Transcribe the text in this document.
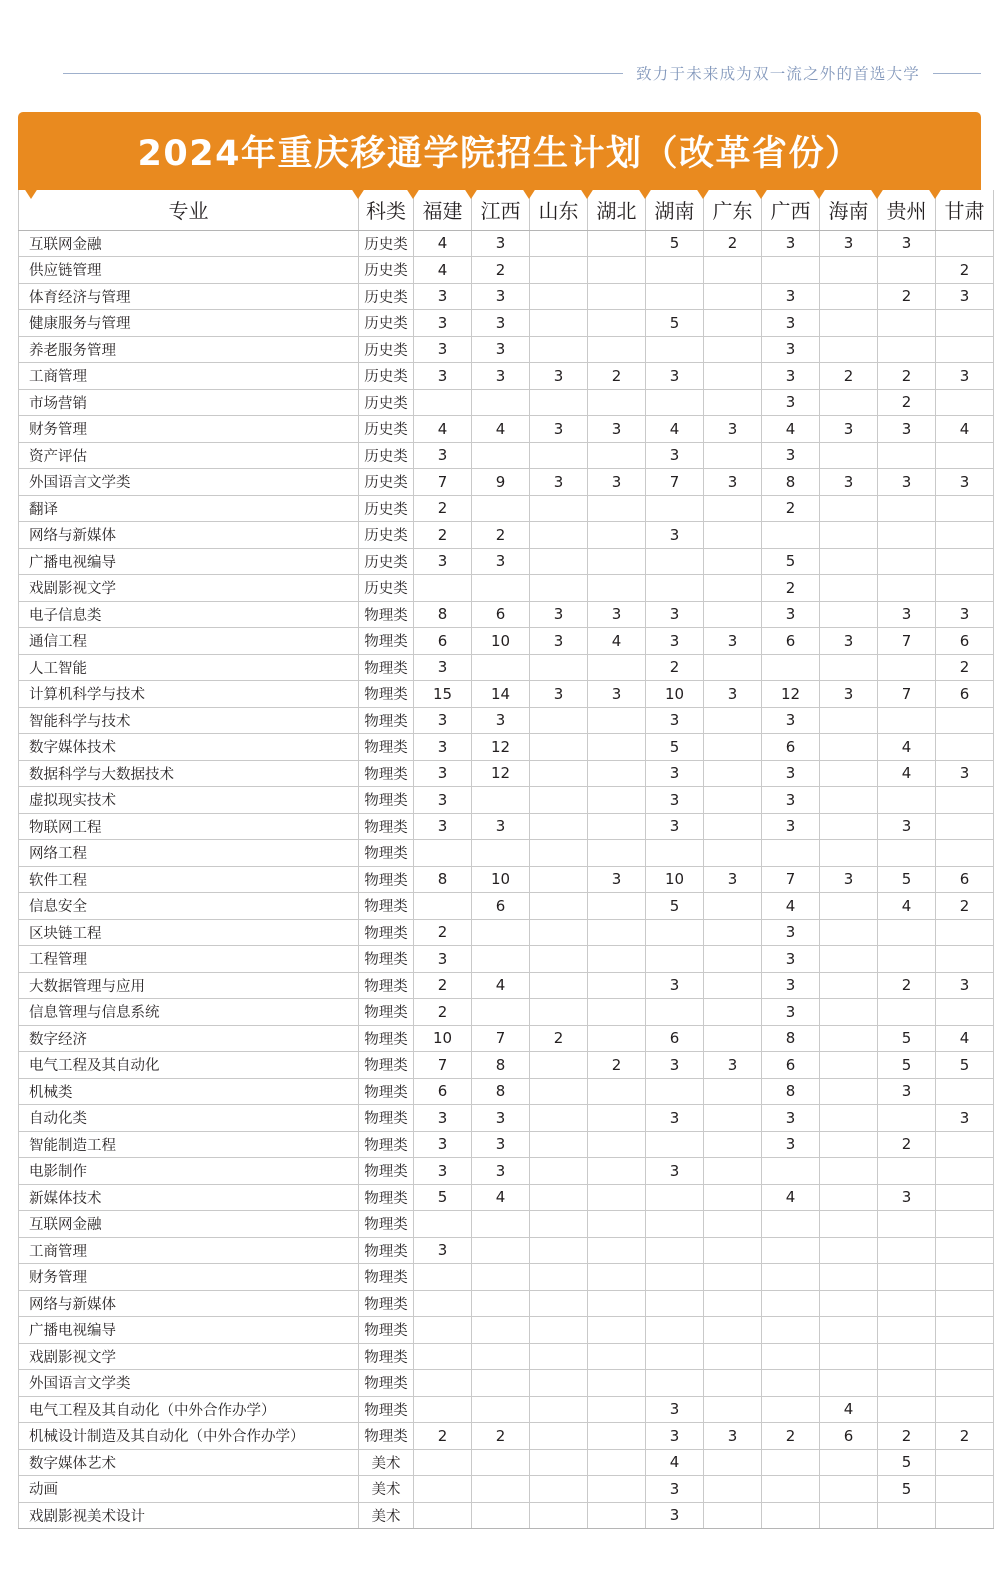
致力于未来成为双一流之外的首选大学
2024年重庆移通学院招生计划（改革省份）
专业	科类	福建	江西	山东	湖北	湖南	广东	广西	海南	贵州	甘肃
互联网金融	历史类	4	3			5	2	3	3	3	
供应链管理	历史类	4	2								2
体育经济与管理	历史类	3	3					3		2	3
健康服务与管理	历史类	3	3			5		3			
养老服务管理	历史类	3	3					3			
工商管理	历史类	3	3	3	2	3		3	2	2	3
市场营销	历史类							3		2	
财务管理	历史类	4	4	3	3	4	3	4	3	3	4
资产评估	历史类	3				3		3			
外国语言文学类	历史类	7	9	3	3	7	3	8	3	3	3
翻译	历史类	2						2			
网络与新媒体	历史类	2	2			3					
广播电视编导	历史类	3	3					5			
戏剧影视文学	历史类							2			
电子信息类	物理类	8	6	3	3	3		3		3	3
通信工程	物理类	6	10	3	4	3	3	6	3	7	6
人工智能	物理类	3				2					2
计算机科学与技术	物理类	15	14	3	3	10	3	12	3	7	6
智能科学与技术	物理类	3	3			3		3			
数字媒体技术	物理类	3	12			5		6		4	
数据科学与大数据技术	物理类	3	12			3		3		4	3
虚拟现实技术	物理类	3				3		3			
物联网工程	物理类	3	3			3		3		3	
网络工程	物理类										
软件工程	物理类	8	10		3	10	3	7	3	5	6
信息安全	物理类		6			5		4		4	2
区块链工程	物理类	2						3			
工程管理	物理类	3						3			
大数据管理与应用	物理类	2	4			3		3		2	3
信息管理与信息系统	物理类	2						3			
数字经济	物理类	10	7	2		6		8		5	4
电气工程及其自动化	物理类	7	8		2	3	3	6		5	5
机械类	物理类	6	8					8		3	
自动化类	物理类	3	3			3		3			3
智能制造工程	物理类	3	3					3		2	
电影制作	物理类	3	3			3					
新媒体技术	物理类	5	4					4		3	
互联网金融	物理类										
工商管理	物理类	3									
财务管理	物理类										
网络与新媒体	物理类										
广播电视编导	物理类										
戏剧影视文学	物理类										
外国语言文学类	物理类										
电气工程及其自动化（中外合作办学）	物理类					3			4		
机械设计制造及其自动化（中外合作办学）	物理类	2	2			3	3	2	6	2	2
数字媒体艺术	美术					4				5	
动画	美术					3				5	
戏剧影视美术设计	美术					3					
